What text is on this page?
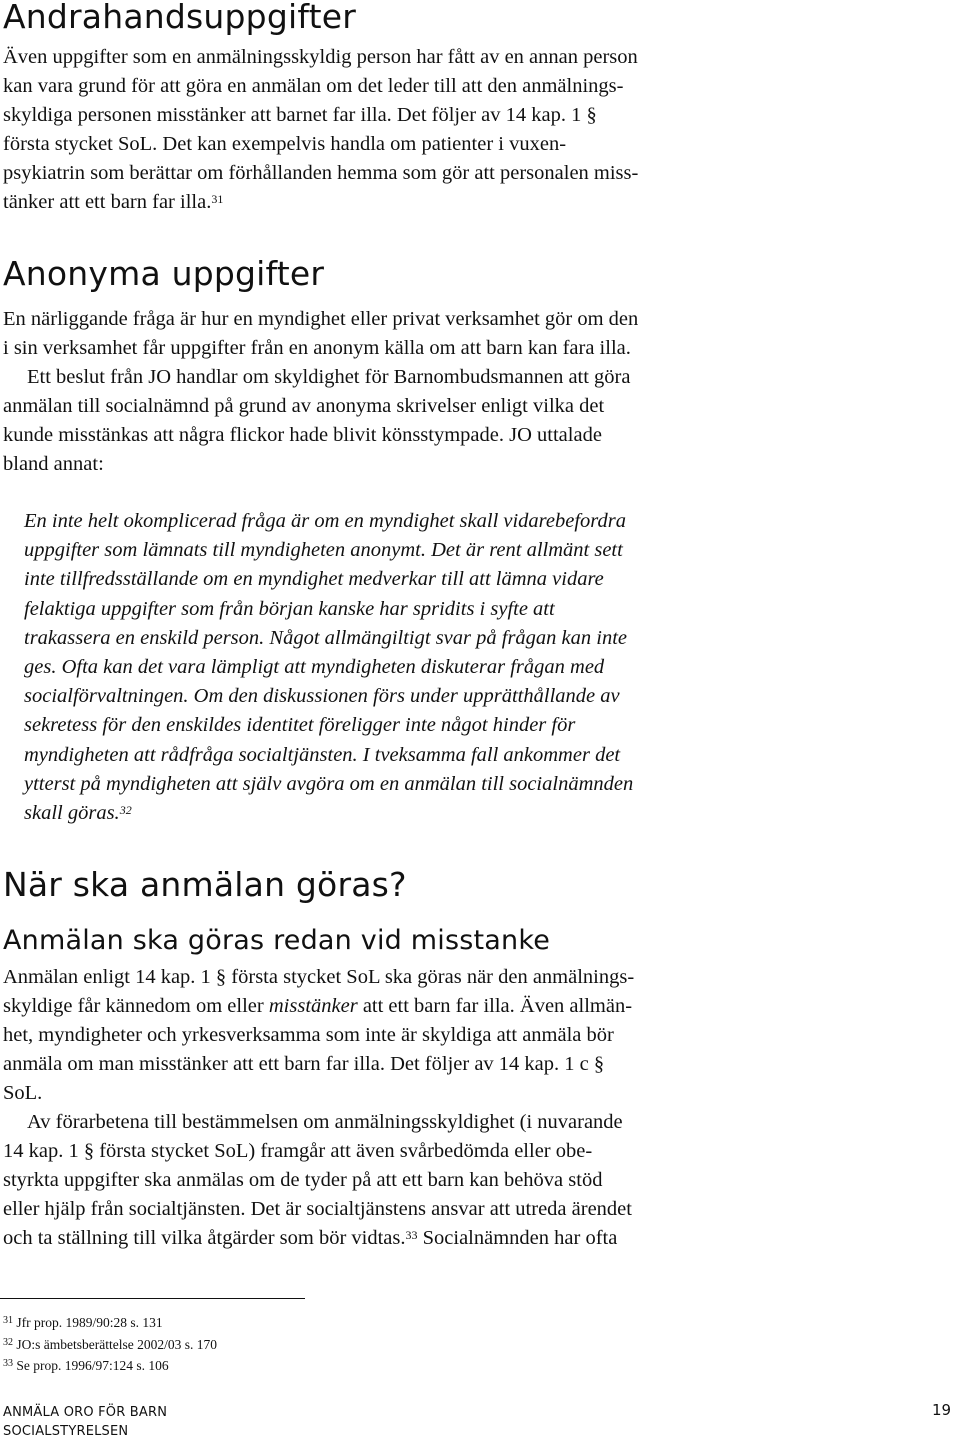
Andrahandsuppgifter
Även uppgifter som en anmälningsskyldig person har fått av en annan person
kan vara grund för att göra en anmälan om det leder till att den anmälnings-
skyldiga personen misstänker att barnet far illa. Det följer av 14 kap. 1 §
första stycket SoL. Det kan exempelvis handla om patienter i vuxen-
psykiatrin som berättar om förhållanden hemma som gör att personalen miss-
tänker att ett barn far illa.$^{31}$
Anonyma uppgifter
En närliggande fråga är hur en myndighet eller privat verksamhet gör om den
i sin verksamhet får uppgifter från en anonym källa om att barn kan fara illa.
Ett beslut från JO handlar om skyldighet för Barnombudsmannen att göra
anmälan till socialnämnd på grund av anonyma skrivelser enligt vilka det
kunde misstänkas att några flickor hade blivit könsstympade. JO uttalade
bland annat:
En inte helt okomplicerad fråga är om en myndighet skall vidarebefordra
uppgifter som lämnats till myndigheten anonymt. Det är rent allmänt sett
inte tillfredsställande om en myndighet medverkar till att lämna vidare
felaktiga uppgifter som från början kanske har spridits i syfte att
trakassera en enskild person. Något allmängiltigt svar på frågan kan inte
ges. Ofta kan det vara lämpligt att myndigheten diskuterar frågan med
socialförvaltningen. Om den diskussionen förs under upprätthållande av
sekretess för den enskildes identitet föreligger inte något hinder för
myndigheten att rådfråga socialtjänsten. I tveksamma fall ankommer det
ytterst på myndigheten att själv avgöra om en anmälan till socialnämnden
skall göras.$^{32}$
När ska anmälan göras?
Anmälan ska göras redan vid misstanke
Anmälan enligt 14 kap. 1 § första stycket SoL ska göras när den anmälnings-
skyldige får kännedom om eller misstänker att ett barn far illa. Även allmän-
het, myndigheter och yrkesverksamma som inte är skyldiga att anmäla bör
anmäla om man misstänker att ett barn far illa. Det följer av 14 kap. 1 c §
SoL.
Av förarbetena till bestämmelsen om anmälningsskyldighet (i nuvarande
14 kap. 1 § första stycket SoL) framgår att även svårbedömda eller obe-
styrkta uppgifter ska anmälas om de tyder på att ett barn kan behöva stöd
eller hjälp från socialtjänsten. Det är socialtjänstens ansvar att utreda ärendet
och ta ställning till vilka åtgärder som bör vidtas.$^{33}$ Socialnämnden har ofta
$^{31}$ Jfr prop. 1989/90:28 s. 131
$^{32}$ JO:s ämbetsberättelse 2002/03 s. 170
$^{33}$ Se prop. 1996/97:124 s. 106
ANMÄLA ORO FÖR BARN
SOCIALSTYRELSEN
19
